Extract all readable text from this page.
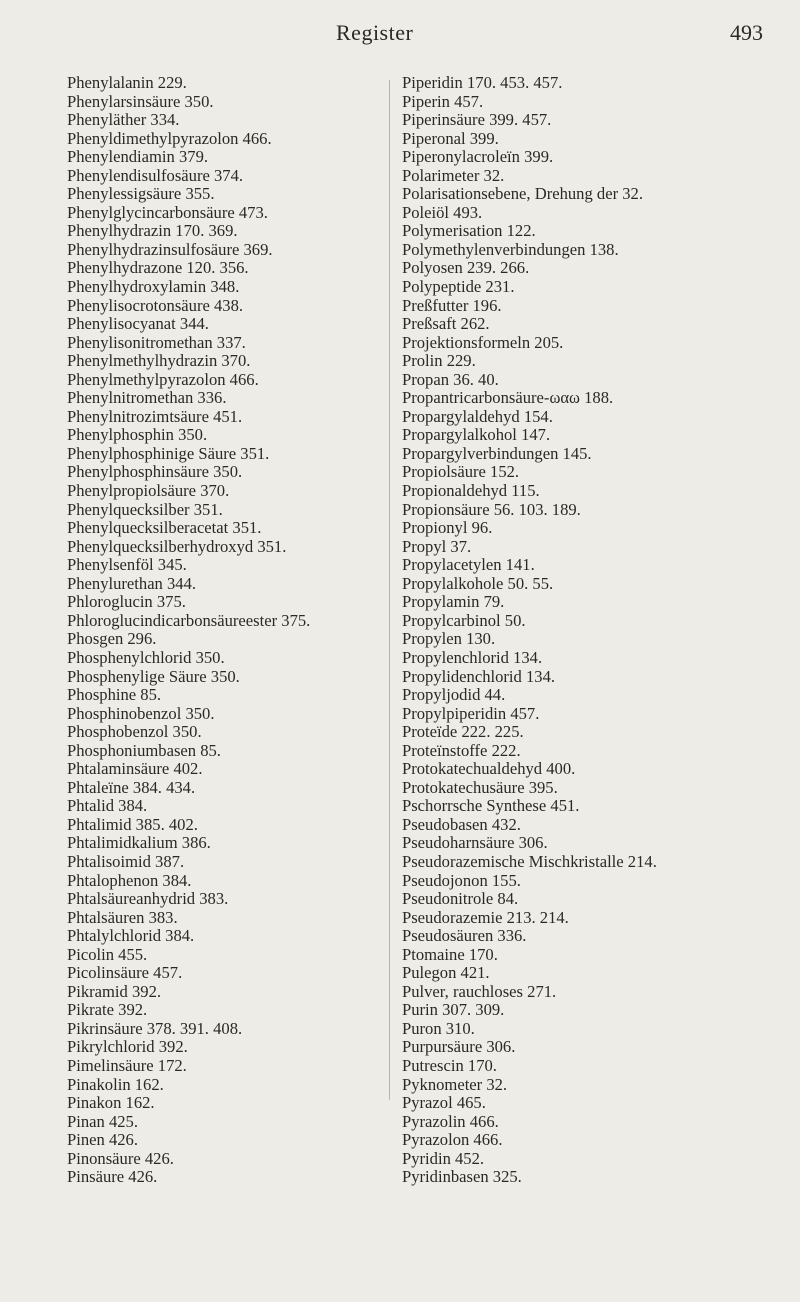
Register	493
Phenylalanin 229.
Phenylarsinsäure 350.
Phenyläther 334.
Phenyldimethylpyrazolon 466.
Phenylendiamin 379.
Phenylendisulfosäure 374.
Phenylessigsäure 355.
Phenylglycincarbonsäure 473.
Phenylhydrazin 170. 369.
Phenylhydrazinsulfosäure 369.
Phenylhydrazone 120. 356.
Phenylhydroxylamin 348.
Phenylisocrotonsäure 438.
Phenylisocyanat 344.
Phenylisonitromethan 337.
Phenylmethylhydrazin 370.
Phenylmethylpyrazolon 466.
Phenylnitromethan 336.
Phenylnitrozimtsäure 451.
Phenylphosphin 350.
Phenylphosphinige Säure 351.
Phenylphosphinsäure 350.
Phenylpropiolsäure 370.
Phenylquecksilber 351.
Phenylquecksilberacetat 351.
Phenylquecksilberhydroxyd 351.
Phenylsenföl 345.
Phenylurethan 344.
Phloroglucin 375.
Phloroglucindicarbonsäureester 375.
Phosgen 296.
Phosphenylchlorid 350.
Phosphenylige Säure 350.
Phosphine 85.
Phosphinobenzol 350.
Phosphobenzol 350.
Phosphoniumbasen 85.
Phtalaminsäure 402.
Phtaleïne 384. 434.
Phtalid 384.
Phtalimid 385. 402.
Phtalimidkalium 386.
Phtalisoimid 387.
Phtalophenon 384.
Phtalsäureanhydrid 383.
Phtalsäuren 383.
Phtalylchlorid 384.
Picolin 455.
Picolinsäure 457.
Pikramid 392.
Pikrate 392.
Pikrinsäure 378. 391. 408.
Pikrylchlorid 392.
Pimelinsäure 172.
Pinakolin 162.
Pinakon 162.
Pinan 425.
Pinen 426.
Pinonsäure 426.
Pinsäure 426.
Piperidin 170. 453. 457.
Piperin 457.
Piperinsäure 399. 457.
Piperonal 399.
Piperonylacroleïn 399.
Polarimeter 32.
Polarisationsebene, Drehung der 32.
Poleiöl 493.
Polymerisation 122.
Polymethylenverbindungen 138.
Polyosen 239. 266.
Polypeptide 231.
Preßfutter 196.
Preßsaft 262.
Projektionsformeln 205.
Prolin 229.
Propan 36. 40.
Propantricarbonsäure-ωαω 188.
Propargylaldehyd 154.
Propargylalkohol 147.
Propargylverbindungen 145.
Propiolsäure 152.
Propionaldehyd 115.
Propionsäure 56. 103. 189.
Propionyl 96.
Propyl 37.
Propylacetylen 141.
Propylalkohole 50. 55.
Propylamin 79.
Propylcarbinol 50.
Propylen 130.
Propylenchlorid 134.
Propylidenchlorid 134.
Propyljodid 44.
Propylpiperidin 457.
Proteïde 222. 225.
Proteïnstoffe 222.
Protokatechualdehyd 400.
Protokatechusäure 395.
Pschorrsche Synthese 451.
Pseudobasen 432.
Pseudoharnsäure 306.
Pseudorazemische Mischkristalle 214.
Pseudojonon 155.
Pseudonitrole 84.
Pseudorazemie 213. 214.
Pseudosäuren 336.
Ptomaine 170.
Pulegon 421.
Pulver, rauchloses 271.
Purin 307. 309.
Puron 310.
Purpursäure 306.
Putrescin 170.
Pyknometer 32.
Pyrazol 465.
Pyrazolin 466.
Pyrazolon 466.
Pyridin 452.
Pyridinbasen 325.
